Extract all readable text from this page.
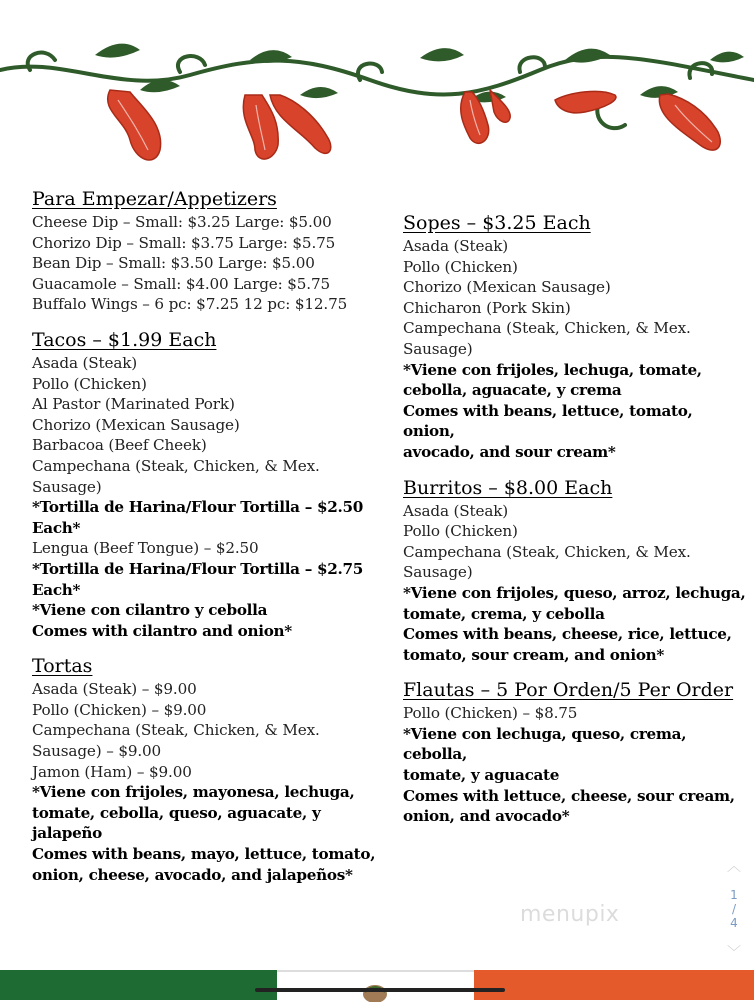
Para Empezar/Appetizers
Cheese Dip – Small: $3.25 Large: $5.00
Chorizo Dip – Small: $3.75 Large: $5.75
Bean Dip – Small: $3.50 Large: $5.00
Guacamole – Small: $4.00 Large: $5.75
Buffalo Wings – 6 pc: $7.25 12 pc: $12.75
Tacos – $1.99 Each
Asada (Steak)
Pollo (Chicken)
Al Pastor (Marinated Pork)
Chorizo (Mexican Sausage)
Barbacoa (Beef Cheek)
Campechana (Steak, Chicken, & Mex.
Sausage)
*Tortilla de Harina/Flour Tortilla – $2.50
Each*
Lengua (Beef Tongue) – $2.50
*Tortilla de Harina/Flour Tortilla – $2.75
Each*
*Viene con cilantro y cebolla
Comes with cilantro and onion*
Tortas
Asada (Steak) – $9.00
Pollo (Chicken) – $9.00
Campechana (Steak, Chicken, & Mex.
Sausage) – $9.00
Jamon (Ham) – $9.00
*Viene con frijoles, mayonesa, lechuga,
tomate, cebolla, queso, aguacate, y
jalapeño
Comes with beans, mayo, lettuce, tomato,
onion, cheese, avocado, and jalapeños*
Sopes – $3.25 Each
Asada (Steak)
Pollo (Chicken)
Chorizo (Mexican Sausage)
Chicharon (Pork Skin)
Campechana (Steak, Chicken, & Mex.
Sausage)
*Viene con frijoles, lechuga, tomate,
cebolla, aguacate, y crema
Comes with beans, lettuce, tomato, onion,
avocado, and sour cream*
Burritos – $8.00 Each
Asada (Steak)
Pollo (Chicken)
Campechana (Steak, Chicken, & Mex.
Sausage)
*Viene con frijoles, queso, arroz, lechuga,
tomate, crema, y cebolla
Comes with beans, cheese, rice, lettuce,
tomato, sour cream, and onion*
Flautas – 5 Por Orden/5 Per Order
Pollo (Chicken) – $8.75
*Viene con lechuga, queso, crema, cebolla,
tomate, y aguacate
Comes with lettuce, cheese, sour cream,
onion, and avocado*
menupix
︿
1
/
4
﹀
